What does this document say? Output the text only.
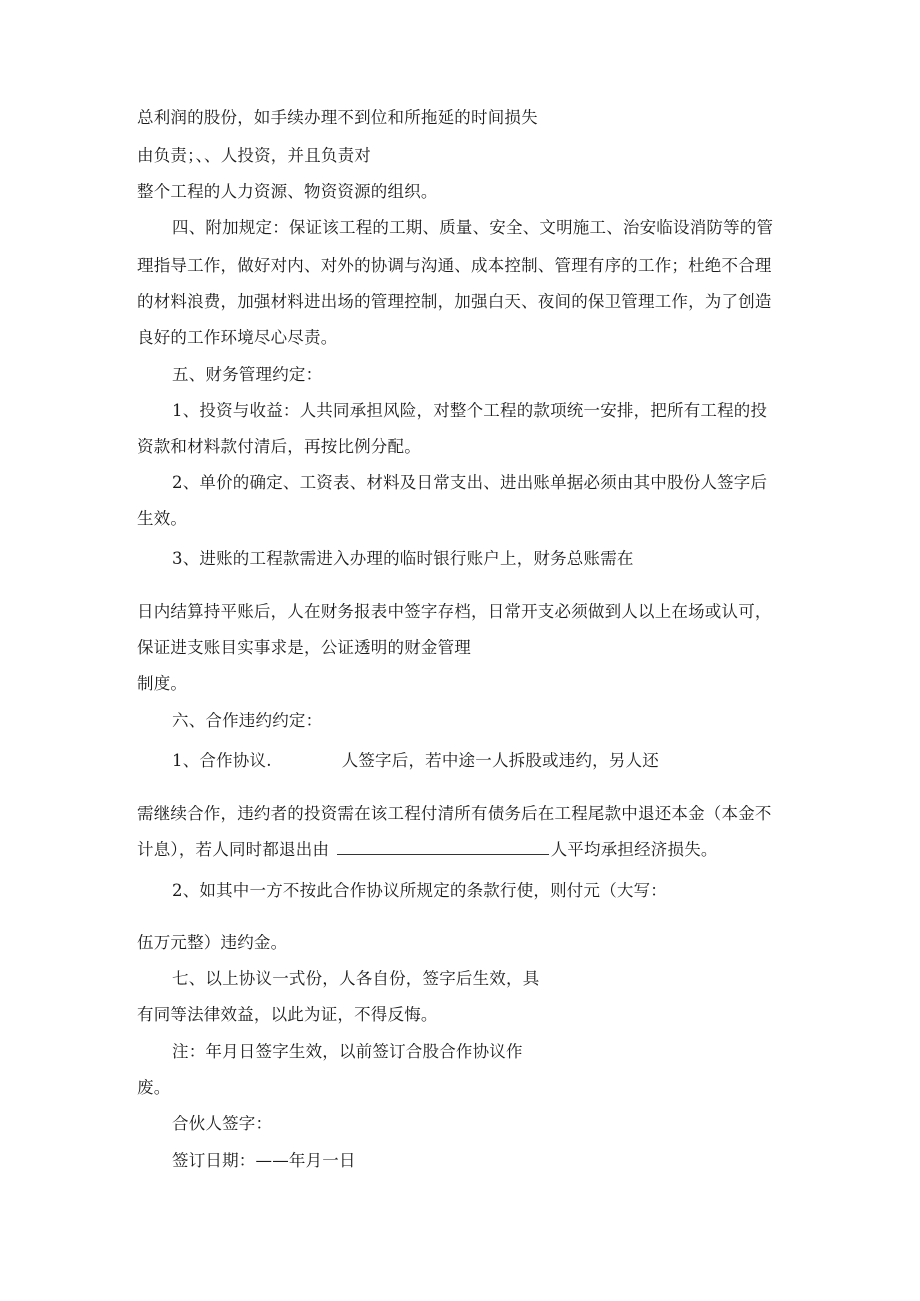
总利润的股份，如手续办理不到位和所拖延的时间损失
由负责；、、人投资，并且负责对
整个工程的人力资源、物资资源的组织。
四、附加规定：保证该工程的工期、质量、安全、文明施工、治安临设消防等的管
理指导工作，做好对内、对外的协调与沟通、成本控制、管理有序的工作；杜绝不合理
的材料浪费，加强材料进出场的管理控制，加强白天、夜间的保卫管理工作，为了创造
良好的工作环境尽心尽责。
五、财务管理约定：
1、投资与收益：人共同承担风险，对整个工程的款项统一安排，把所有工程的投
资款和材料款付清后，再按比例分配。
2、单价的确定、工资表、材料及日常支出、进出账单据必须由其中股份人签字后
生效。
3、进账的工程款需进入办理的临时银行账户上，财务总账需在
日内结算持平账后，人在财务报表中签字存档，日常开支必须做到人以上在场或认可，
保证进支账目实事求是，公证透明的财金管理
制度。
六、合作违约约定：
1、合作协议.	人签字后，若中途一人拆股或违约，另人还
需继续合作，违约者的投资需在该工程付清所有债务后在工程尾款中退还本金（本金不
计息），若人同时都退出由	人平均承担经济损失。
2、如其中一方不按此合作协议所规定的条款行使，则付元（大写：
伍万元整）违约金。
七、以上协议一式份，人各自份，签字后生效，具
有同等法律效益，以此为证，不得反悔。
注：年月日签字生效，以前签订合股合作协议作
废。
合伙人签字：
签订日期：——年月一日
